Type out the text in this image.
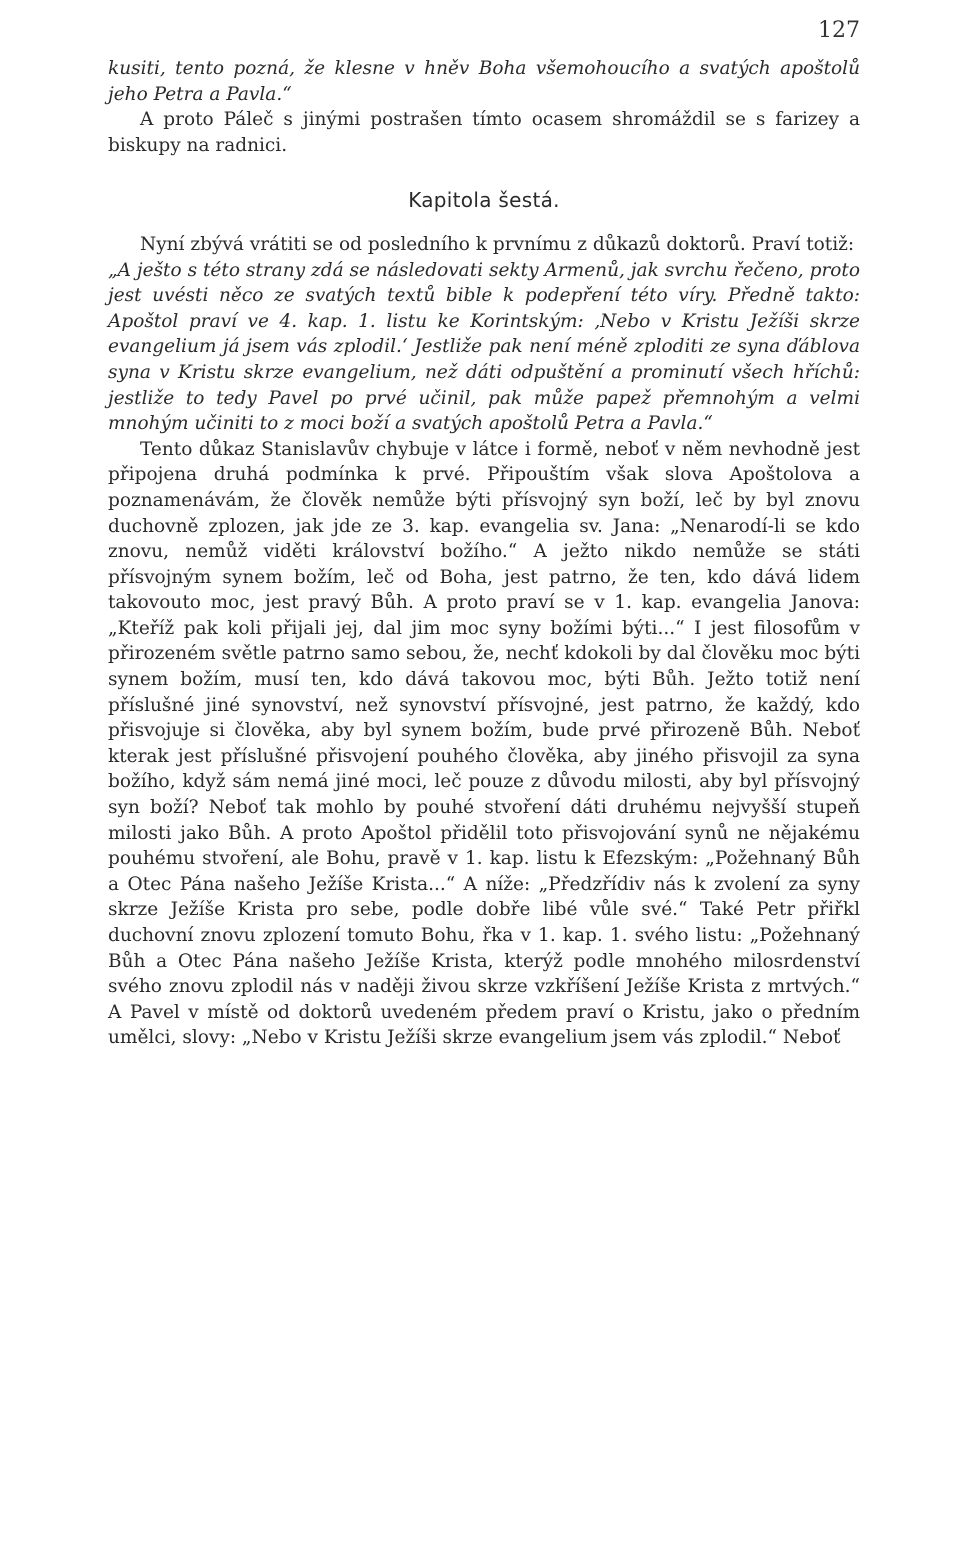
127

kusiti, tento pozná, že klesne v hněv Boha všemohoucího a svatých apoštolů jeho Petra a Pavla.“

A proto Páleč s jinými postrašen tímto ocasem shromáždil se s farizey a biskupy na radnici.

Kapitola šestá.

Nyní zbývá vrátiti se od posledního k prvnímu z důkazů doktorů. Praví totiž:

„A ješto s této strany zdá se následovati sekty Armenů, jak svrchu řečeno, proto jest uvésti něco ze svatých textů bible k podepření této víry. Předně takto: Apoštol praví ve 4. kap. 1. listu ke Korintským: ‚Nebo v Kristu Ježíši skrze evangelium já jsem vás zplodil.‘ Jestliže pak není méně zploditi ze syna ďáblova syna v Kristu skrze evangelium, než dáti odpuštění a prominutí všech hříchů: jestliže to tedy Pavel po prvé učinil, pak může papež přemnohým a velmi mnohým učiniti to z moci boží a svatých apoštolů Petra a Pavla.“

Tento důkaz Stanislavův chybuje v látce i formě, neboť v něm nevhodně jest připojena druhá podmínka k prvé. Připouštím však slova Apoštolova a poznamenávám, že člověk nemůže býti přísvojný syn boží, leč by byl znovu duchovně zplozen, jak jde ze 3. kap. evangelia sv. Jana: „Nenarodí-li se kdo znovu, nemůž viděti království božího.“ A ježto nikdo nemůže se státi přísvojným synem božím, leč od Boha, jest patrno, že ten, kdo dává lidem takovouto moc, jest pravý Bůh. A proto praví se v 1. kap. evangelia Janova: „Kteříž pak koli přijali jej, dal jim moc syny božími býti...“ I jest filosofům v přirozeném světle patrno samo sebou, že, nechť kdokoli by dal člověku moc býti synem božím, musí ten, kdo dává takovou moc, býti Bůh. Ježto totiž není příslušné jiné synovství, než synovství přísvojné, jest patrno, že každý, kdo přisvojuje si člověka, aby byl synem božím, bude prvé přirozeně Bůh. Neboť kterak jest příslušné přisvojení pouhého člověka, aby jiného přisvojil za syna božího, když sám nemá jiné moci, leč pouze z důvodu milosti, aby byl přísvojný syn boží? Neboť tak mohlo by pouhé stvoření dáti druhému nejvyšší stupeň milosti jako Bůh. A proto Apoštol přidělil toto přisvojování synů ne nějakému pouhému stvoření, ale Bohu, pravě v 1. kap. listu k Efezským: „Požehnaný Bůh a Otec Pána našeho Ježíše Krista...“ A níže: „Předzřídiv nás k zvolení za syny skrze Ježíše Krista pro sebe, podle dobře libé vůle své.“ Také Petr přiřkl duchovní znovu zplození tomuto Bohu, řka v 1. kap. 1. svého listu: „Požehnaný Bůh a Otec Pána našeho Ježíše Krista, kterýž podle mnohého milosrdenství svého znovu zplodil nás v naději živou skrze vzkříšení Ježíše Krista z mrtvých.“ A Pavel v místě od doktorů uvedeném předem praví o Kristu, jako o předním umělci, slovy: „Nebo v Kristu Ježíši skrze evangelium jsem vás zplodil.“ Neboť
